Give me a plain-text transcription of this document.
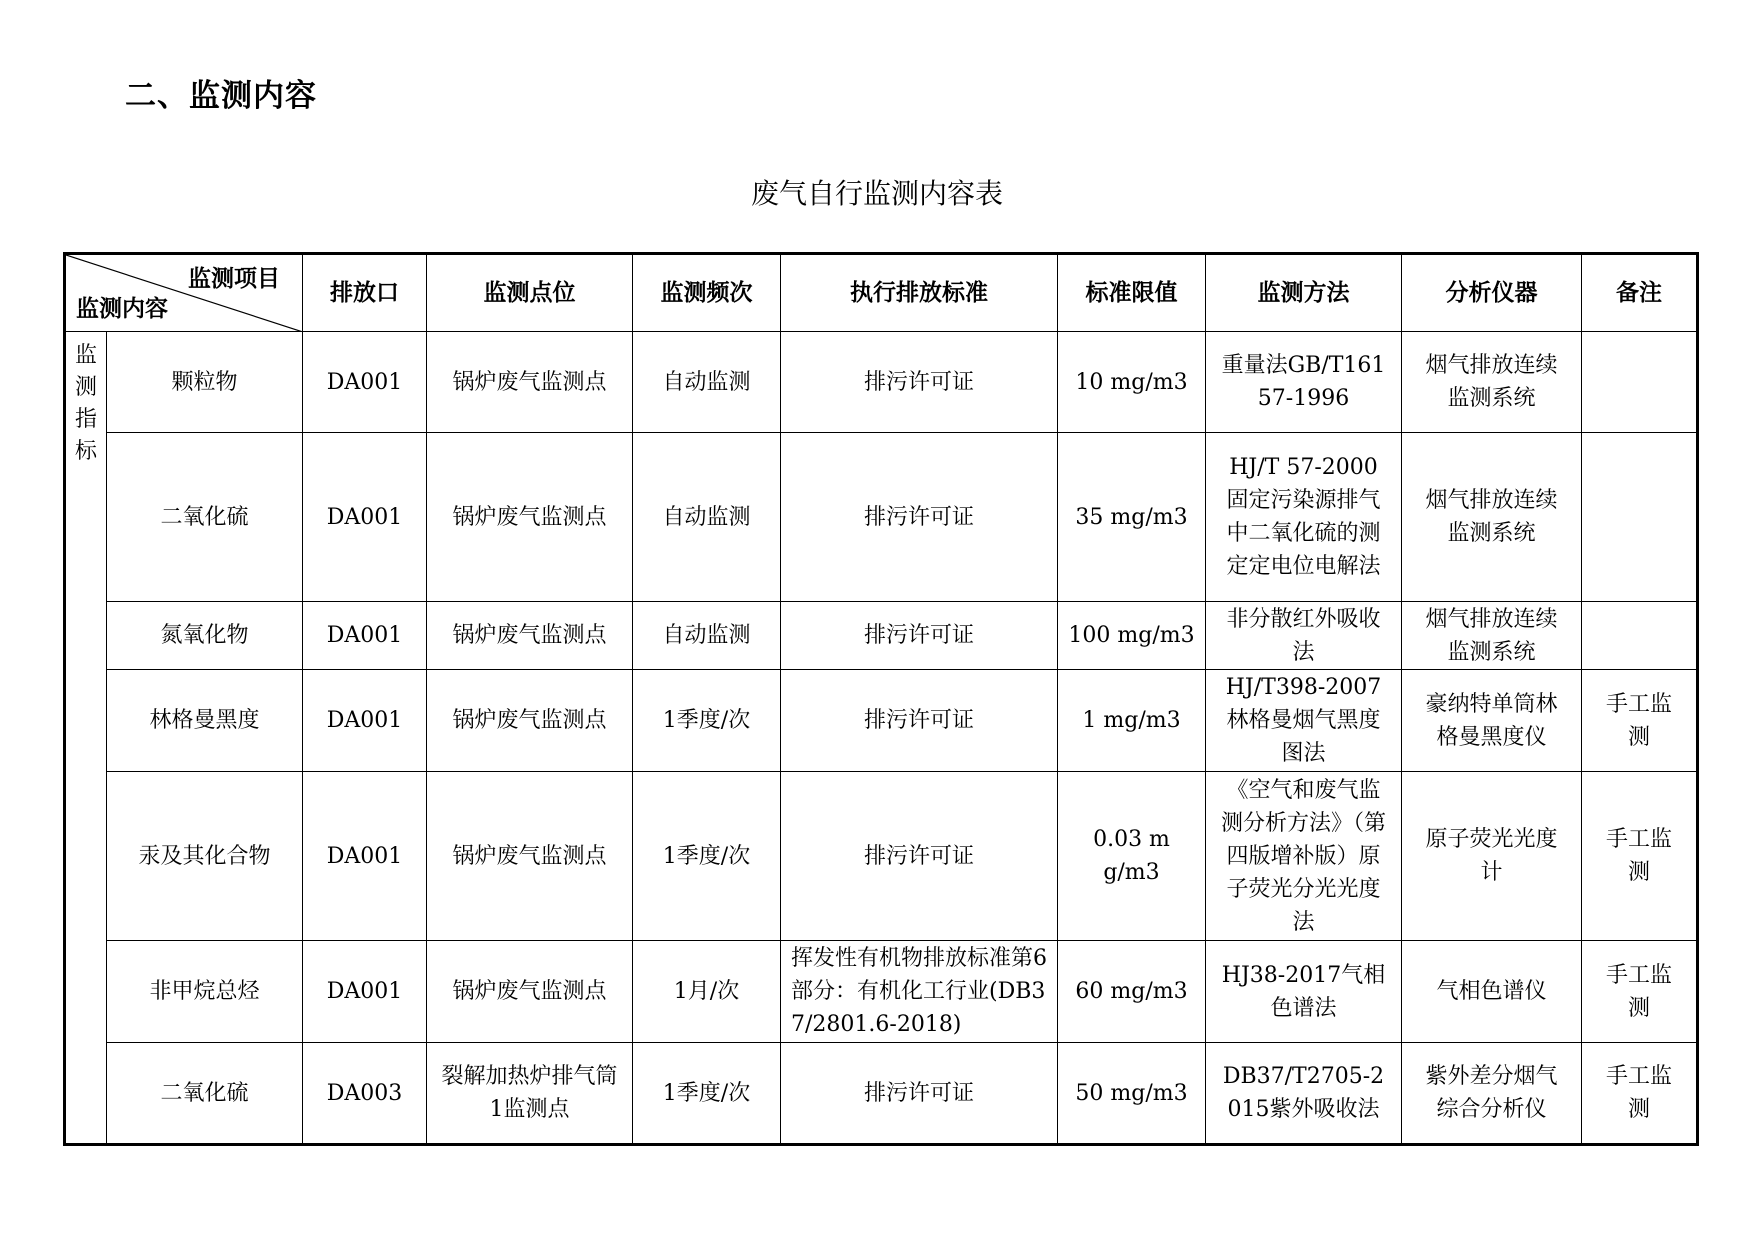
二、监测内容
废气自行监测内容表
监测项目
监测内容		排放口	监测点位	监测频次	执行排放标准	标准限值	监测方法	分析仪器	备注

监
测
指
标	颗粒物	DA001	锅炉废气监测点	自动监测	排污许可证	10 mg/m3	重量法GB/T16157-1996	烟气排放连续监测系统	
	二氧化硫	DA001	锅炉废气监测点	自动监测	排污许可证	35 mg/m3	HJ/T 57-2000固定污染源排气中二氧化硫的测定定电位电解法	烟气排放连续监测系统	
	氮氧化物	DA001	锅炉废气监测点	自动监测	排污许可证	100 mg/m3	非分散红外吸收法	烟气排放连续监测系统	
	林格曼黑度	DA001	锅炉废气监测点	1季度/次	排污许可证	1 mg/m3	HJ/T398-2007林格曼烟气黑度图法	豪纳特单筒林格曼黑度仪	手工监测
	汞及其化合物	DA001	锅炉废气监测点	1季度/次	排污许可证	0.03 mg/m3	《空气和废气监测分析方法》（第四版增补版）原子荧光分光光度法	原子荧光光度计	手工监测
	非甲烷总烃	DA001	锅炉废气监测点	1月/次	挥发性有机物排放标准第6部分：有机化工行业(DB37/2801.6-2018)	60 mg/m3	HJ38-2017气相色谱法	气相色谱仪	手工监测
	二氧化硫	DA003	裂解加热炉排气筒1监测点	1季度/次	排污许可证	50 mg/m3	DB37/T2705-2015紫外吸收法	紫外差分烟气综合分析仪	手工监测
